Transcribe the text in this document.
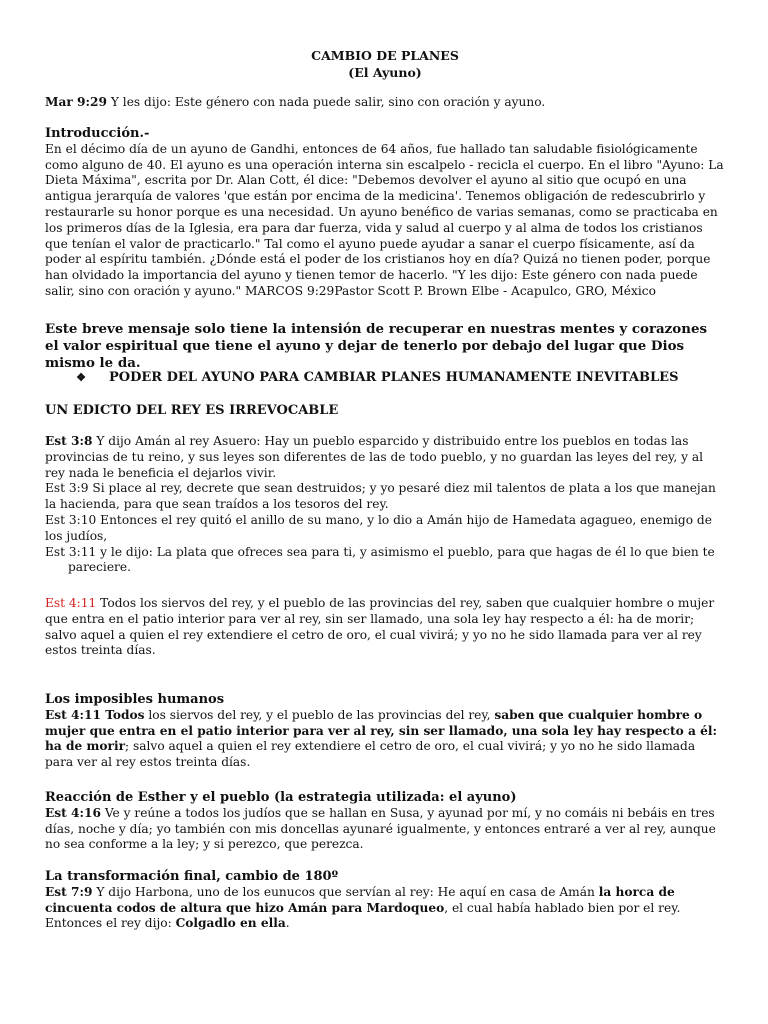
CAMBIO DE PLANES
(El Ayuno)

Mar 9:29 Y les dijo: Este género con nada puede salir, sino con oración y ayuno.

Introducción.-
En el décimo día de un ayuno de Gandhi, entonces de 64 años, fue hallado tan saludable fisiológicamente como alguno de 40. El ayuno es una operación interna sin escalpelo - recicla el cuerpo. En el libro "Ayuno: La Dieta Máxima", escrita por Dr. Alan Cott, él dice: "Debemos devolver el ayuno al sitio que ocupó en una antigua jerarquía de valores 'que están por encima de la medicina'. Tenemos obligación de redescubrirlo y restaurarle su honor porque es una necesidad. Un ayuno benéfico de varias semanas, como se practicaba en los primeros días de la Iglesia, era para dar fuerza, vida y salud al cuerpo y al alma de todos los cristianos que tenían el valor de practicarlo." Tal como el ayuno puede ayudar a sanar el cuerpo físicamente, así da poder al espíritu también. ¿Dónde está el poder de los cristianos hoy en día? Quizá no tienen poder, porque han olvidado la importancia del ayuno y tienen temor de hacerlo. "Y les dijo: Este género con nada puede salir, sino con oración y ayuno." MARCOS 9:29Pastor Scott P. Brown Elbe - Acapulco, GRO, México

Este breve mensaje solo tiene la intensión de recuperar en nuestras mentes y corazones el valor espiritual que tiene el ayuno y dejar de tenerlo por debajo del lugar que Dios mismo le da.

❖	PODER DEL AYUNO PARA CAMBIAR PLANES HUMANAMENTE INEVITABLES

UN EDICTO DEL REY ES IRREVOCABLE

Est 3:8 Y dijo Amán al rey Asuero: Hay un pueblo esparcido y distribuido entre los pueblos en todas las provincias de tu reino, y sus leyes son diferentes de las de todo pueblo, y no guardan las leyes del rey, y al rey nada le beneficia el dejarlos vivir.
Est 3:9 Si place al rey, decrete que sean destruidos; y yo pesaré diez mil talentos de plata a los que manejan la hacienda, para que sean traídos a los tesoros del rey.
Est 3:10 Entonces el rey quitó el anillo de su mano, y lo dio a Amán hijo de Hamedata agagueo, enemigo de los judíos,
Est 3:11 y le dijo: La plata que ofreces sea para ti, y asimismo el pueblo, para que hagas de él lo que bien te pareciere.

Est 4:11 Todos los siervos del rey, y el pueblo de las provincias del rey, saben que cualquier hombre o mujer que entra en el patio interior para ver al rey, sin ser llamado, una sola ley hay respecto a él: ha de morir; salvo aquel a quien el rey extendiere el cetro de oro, el cual vivirá; y yo no he sido llamada para ver al rey estos treinta días.

Los imposibles humanos
Est 4:11 Todos los siervos del rey, y el pueblo de las provincias del rey, saben que cualquier hombre o mujer que entra en el patio interior para ver al rey, sin ser llamado, una sola ley hay respecto a él: ha de morir; salvo aquel a quien el rey extendiere el cetro de oro, el cual vivirá; y yo no he sido llamada para ver al rey estos treinta días.
Reacción de Esther y el pueblo (la estrategia utilizada: el ayuno)
Est 4:16 Ve y reúne a todos los judíos que se hallan en Susa, y ayunad por mí, y no comáis ni bebáis en tres días, noche y día; yo también con mis doncellas ayunaré igualmente, y entonces entraré a ver al rey, aunque no sea conforme a la ley; y si perezco, que perezca.
La transformación final, cambio de 180º
Est 7:9 Y dijo Harbona, uno de los eunucos que servían al rey: He aquí en casa de Amán la horca de cincuenta codos de altura que hizo Amán para Mardoqueo, el cual había hablado bien por el rey. Entonces el rey dijo: Colgadlo en ella.
